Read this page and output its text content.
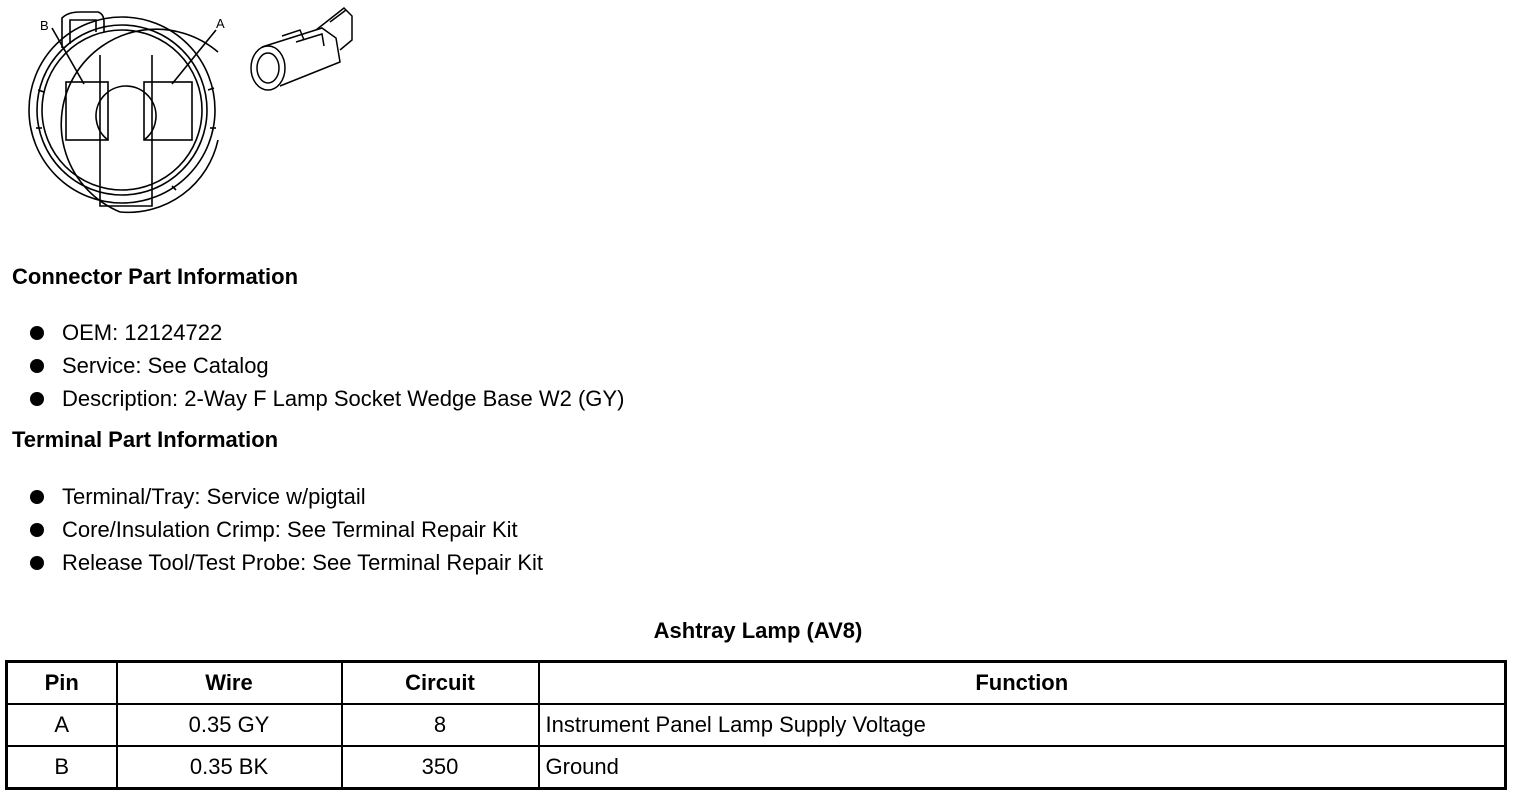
B	A
Connector Part Information
OEM: 12124722
Service: See Catalog
Description: 2-Way F Lamp Socket Wedge Base W2 (GY)
Terminal Part Information
Terminal/Tray: Service w/pigtail
Core/Insulation Crimp: See Terminal Repair Kit
Release Tool/Test Probe: See Terminal Repair Kit
Ashtray Lamp (AV8)
Pin	Wire	Circuit	Function
A	0.35 GY	8	Instrument Panel Lamp Supply Voltage
B	0.35 BK	350	Ground
